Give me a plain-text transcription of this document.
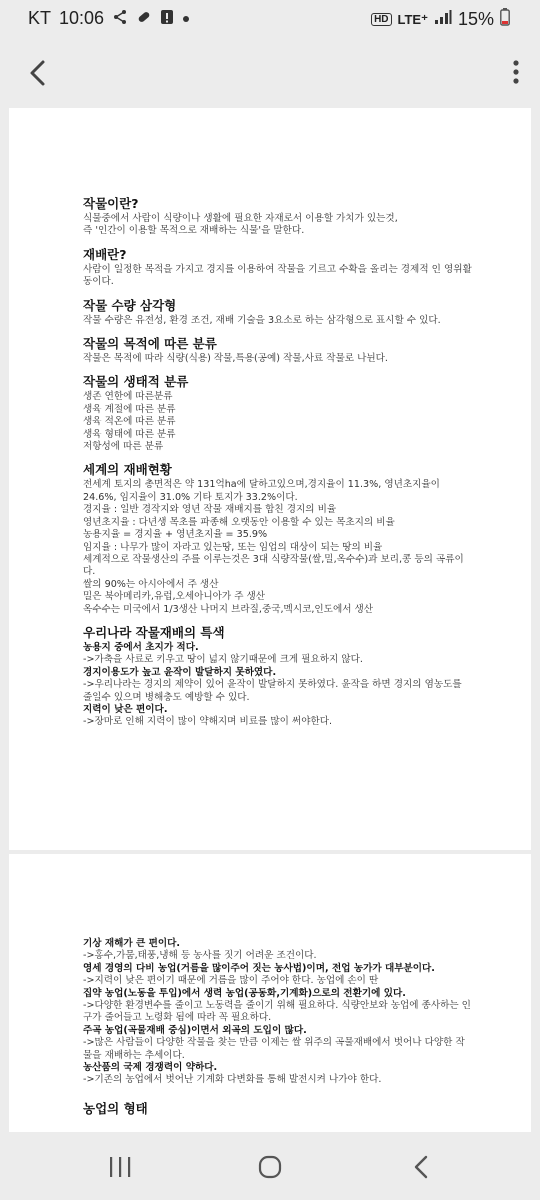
KT 10:06	HD LTE⁺ 15%
작물이란?

식물중에서 사람이 식량이나 생활에 필요한 자재로서 이용할 가치가 있는것,

즉 '인간이 이용할 목적으로 재배하는 식물'을 말한다.

재배란?

사람이 일정한 목적을 가지고 경지를 이용하여 작물을 기르고 수확을 올리는 경제적 인 영위활동이다.

작물 수량 삼각형

작물 수량은 유전성, 환경 조건, 재배 기술을 3요소로 하는 삼각형으로 표시할 수 있다.

작물의 목적에 따른 분류

작물은 목적에 따라 식량(식용) 작물,특용(공예) 작물,사료 작물로 나뉜다.

작물의 생태적 분류

생존 연한에 따른분류

생육 계절에 따른 분류

생육 적온에 따른 분류

생육 형태에 따른 분류

저항성에 따른 분류

세계의 재배현황

전세계 토지의 총면적은 약 131억ha에 달하고있으며,경지율이 11.3%, 영년초지율이 24.6%, 임지율이 31.0% 기타 토지가 33.2%이다.

경지율 : 일반 경작지와 영년 작물 재배지를 합친 경지의 비율

영년초지율 : 다년생 목초를 파종해 오랫동안 이용할 수 있는 목초지의 비율

농용지율 = 경지율 + 영년초지율 = 35.9%

임지율 : 나무가 많이 자라고 있는땅, 또는 임업의 대상이 되는 땅의 비율

세계적으로 작물생산의 주를 이루는것은 3대 식량작물(쌀,밀,옥수수)과 보리,콩 등의 곡류이다.

쌀의 90%는 아시아에서 주 생산

밀은 북아메리카,유럽,오세아니아가 주 생산

옥수수는 미국에서 1/3생산 나머지 브라질,중국,멕시코,인도에서 생산

우리나라 작물재배의 특색

농용지 중에서 초지가 적다.

->가축을 사료로 키우고 땅이 넓지 않기때문에 크게 필요하지 않다.

경지이용도가 높고 윤작이 발달하지 못하였다.

->우리나라는 경지의 제약이 있어 윤작이 발달하지 못하였다. 윤작을 하면 경지의 염농도를 줄일수 있으며 병해충도 예방할 수 있다.

지력이 낮은 편이다.

->장마로 인해 지력이 많이 약해지며 비료를 많이 써야한다.

기상 재해가 큰 편이다.

->홍수,가뭄,태풍,냉해 등 농사를 짓기 어려운 조건이다.

영세 경영의 다비 농업(거름을 많이주어 짓는 농사법)이며, 전업 농가가 대부분이다.

->지력이 낮은 편이기 때문에 거름을 많이 주어야 한다. 농업에 손이 딴

집약 농업(노동을 투입)에서 생력 농업(공동화,기계화)으로의 전환기에 있다.

->다양한 환경변수를 줄이고 노동력을 줄이기 위해 필요하다. 식량안보와 농업에 종사하는 인구가 줄어들고 노령화 됨에 따라 꼭 필요하다.

주곡 농업(곡물재배 중심)이면서 외곡의 도입이 많다.

->많은 사람들이 다양한 작물을 찾는 만큼 이제는 쌀 위주의 곡물재배에서 벗어나 다양한 작물을 재배하는 추세이다.

농산품의 국제 경쟁력이 약하다.

->기존의 농업에서 벗어난 기계화 다변화를 통해 발전시켜 나가야 한다.

농업의 형태
